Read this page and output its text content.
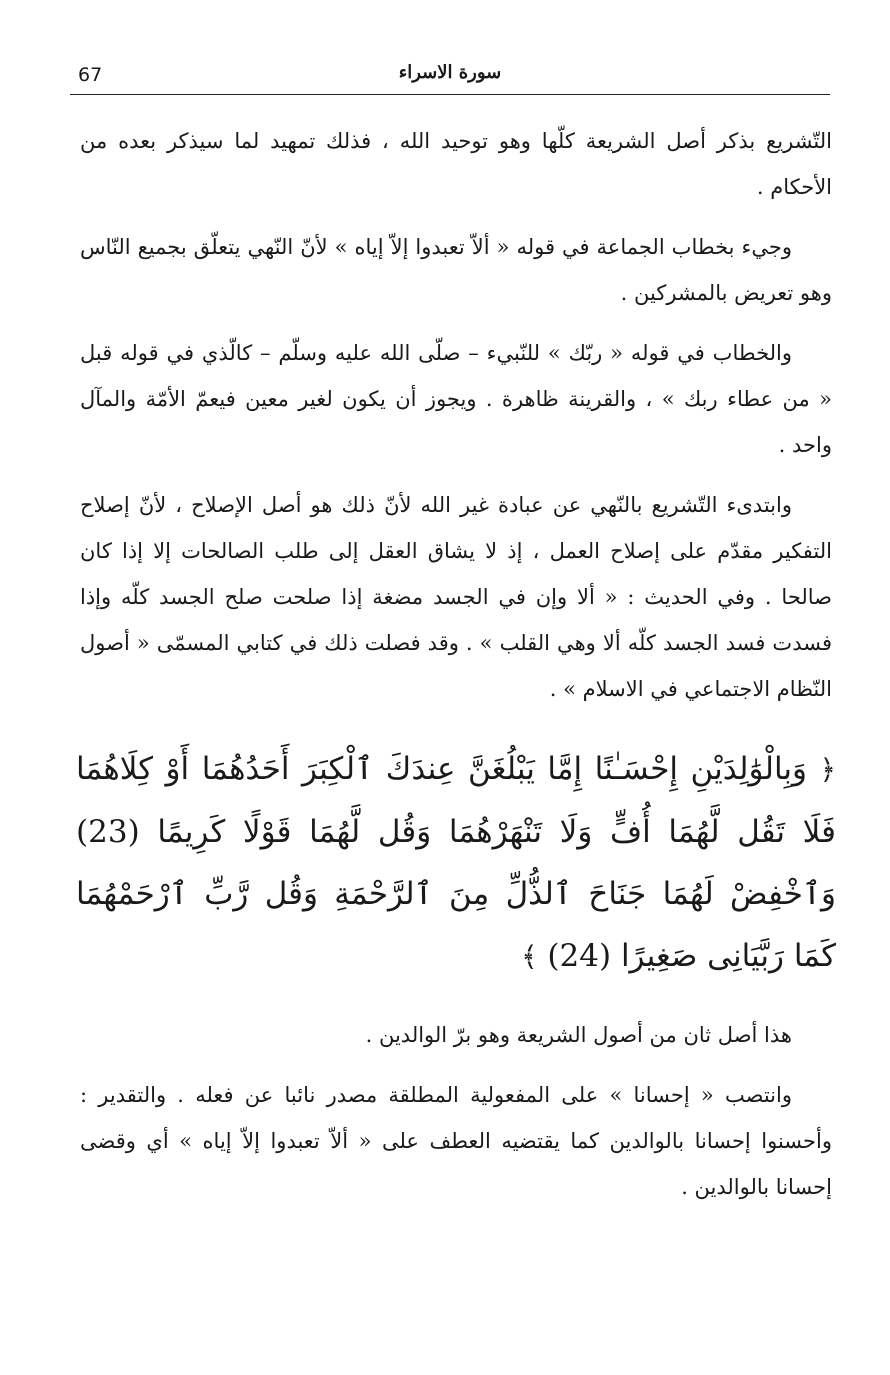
67	سورة الاسراء

التّشريع بذكر أصل الشريعة كلّها وهو توحيد الله ، فذلك تمهيد لما سيذكر بعده من الأحكام .

وجيء بخطاب الجماعة في قوله « ألاّ تعبدوا إلاّ إياه » لأنّ النّهي يتعلّق بجميع النّاس وهو تعريض بالمشركين .

والخطاب في قوله « ربّك » للنّبيء – صلّى الله عليه وسلّم – كالّذي في قوله قبل « من عطاء ربك » ، والقرينة ظاهرة . ويجوز أن يكون لغير معين فيعمّ الأمّة والمآل واحد .

وابتدىء التّشريع بالنّهي عن عبادة غير الله لأنّ ذلك هو أصل الإصلاح ، لأنّ إصلاح التفكير مقدّم على إصلاح العمل ، إذ لا يشاق العقل إلى طلب الصالحات إلا إذا كان صالحا . وفي الحديث : « ألا وإن في الجسد مضغة إذا صلحت صلح الجسد كلّه وإذا فسدت فسد الجسد كلّه ألا وهي القلب » . وقد فصلت ذلك في كتابي المسمّى « أصول النّظام الاجتماعي في الاسلام » .

﴿ وَبِالْوَٰلِدَيْنِ إِحْسَـٰنًا إِمَّا يَبْلُغَنَّ عِندَكَ ٱلْكِبَرَ أَحَدُهُمَا أَوْ كِلَاهُمَا فَلَا تَقُل لَّهُمَا أُفٍّ وَلَا تَنْهَرْهُمَا وَقُل لَّهُمَا قَوْلًا كَرِيمًا (23) وَٱخْفِضْ لَهُمَا جَنَاحَ ٱلذُّلِّ مِنَ ٱلرَّحْمَةِ وَقُل رَّبِّ ٱرْحَمْهُمَا كَمَا رَبَّيَانِى صَغِيرًا (24) ﴾

هذا أصل ثان من أصول الشريعة وهو برّ الوالدين .

وانتصب « إحسانا » على المفعولية المطلقة مصدر نائبا عن فعله . والتقدير : وأحسنوا إحسانا بالوالدين كما يقتضيه العطف على « ألاّ تعبدوا إلاّ إياه » أي وقضى إحسانا بالوالدين .
